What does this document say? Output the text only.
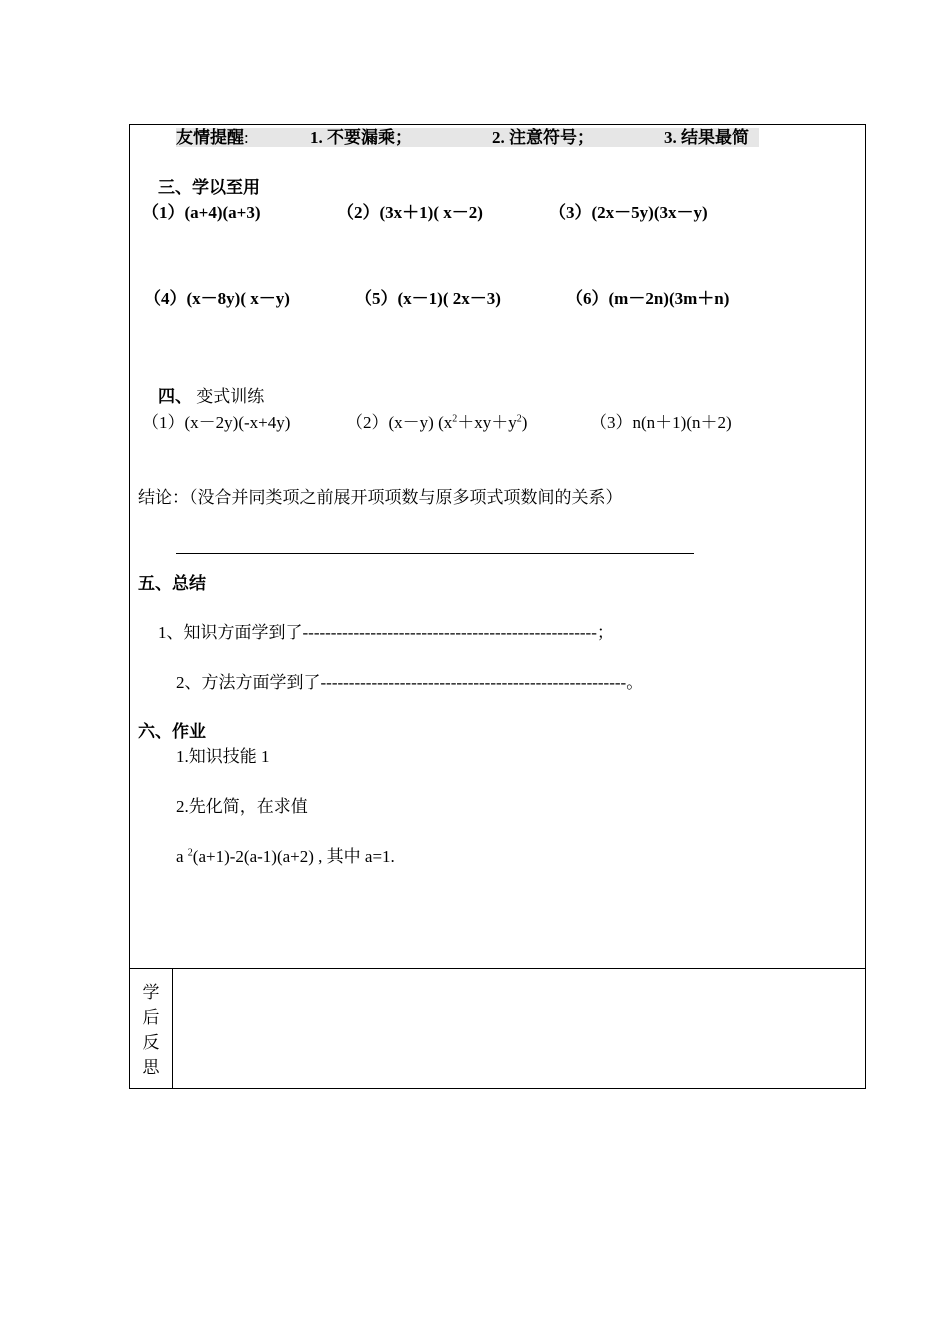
友情提醒:	1. 不要漏乘；	2. 注意符号；	3. 结果最简
三、学以至用
（1）(a+4)(a+3)	（2）(3x＋1)( x－2)	（3）(2x－5y)(3x－y)
（4）(x－8y)( x－y)	（5）(x－1)( 2x－3)	（6）(m－2n)(3m＋n)
四、 变式训练
（1）(x－2y)(-x+4y)	（2）(x－y) $(x^2+xy+y^2)$	（3）n(n＋1)(n＋2)
结论：（没合并同类项之前展开项项数与原多项式项数间的关系）
五、总结
1、知识方面学到了----------------------------------------------------；
2、方法方面学到了------------------------------------------------------。
六、作业
1.知识技能 1
2.先化简，在求值
a $^2$(a+1)-2(a-1)(a+2) , 其中 a=1.
学
后
反
思
